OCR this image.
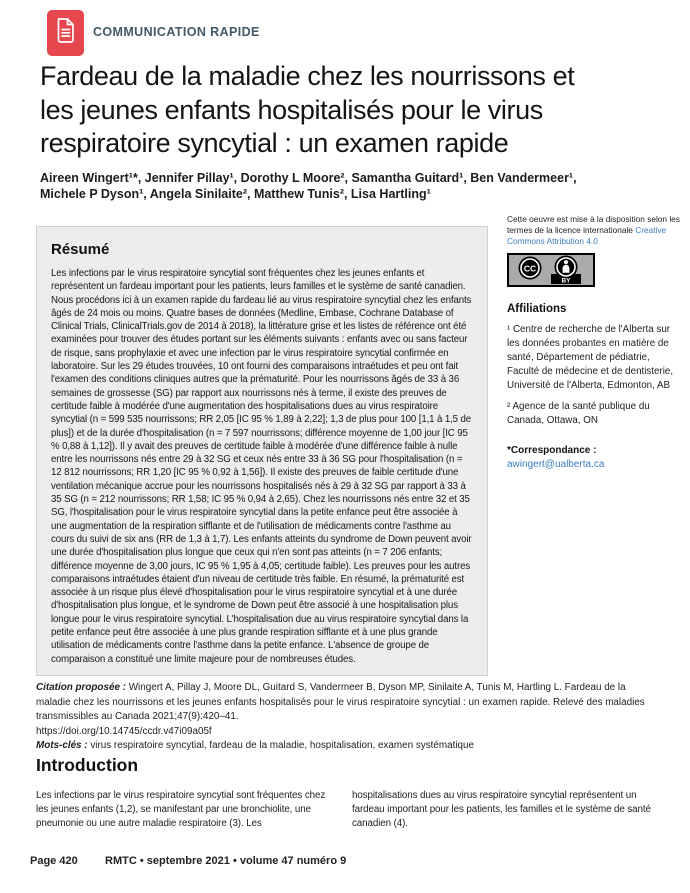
COMMUNICATION RAPIDE
Fardeau de la maladie chez les nourrissons et
les jeunes enfants hospitalisés pour le virus
respiratoire syncytial : un examen rapide
Aireen Wingert¹*, Jennifer Pillay¹, Dorothy L Moore², Samantha Guitard¹, Ben Vandermeer¹,
Michele P Dyson¹, Angela Sinilaite², Matthew Tunis², Lisa Hartling¹
Résumé
Les infections par le virus respiratoire syncytial sont fréquentes chez les jeunes enfants et représentent un fardeau important pour les patients, leurs familles et le système de santé canadien. Nous procédons ici à un examen rapide du fardeau lié au virus respiratoire syncytial chez les enfants âgés de 24 mois ou moins. Quatre bases de données (Medline, Embase, Cochrane Database of Clinical Trials, ClinicalTrials.gov de 2014 à 2018), la littérature grise et les listes de référence ont été examinées pour trouver des études portant sur les éléments suivants : enfants avec ou sans facteur de risque, sans prophylaxie et avec une infection par le virus respiratoire syncytial confirmée en laboratoire. Sur les 29 études trouvées, 10 ont fourni des comparaisons intraétudes et peu ont fait l'examen des conditions cliniques autres que la prématurité. Pour les nourrissons âgés de 33 à 36 semaines de grossesse (SG) par rapport aux nourrissons nés à terme, il existe des preuves de certitude faible à modérée d'une augmentation des hospitalisations dues au virus respiratoire syncytial (n = 599 535 nourrissons; RR 2,05 [IC 95 % 1,89 à 2,22]; 1,3 de plus pour 100 [1,1 à 1,5 de plus]) et de la durée d'hospitalisation (n = 7 597 nourrissons; différence moyenne de 1,00 jour [IC 95 % 0,88 à 1,12]). Il y avait des preuves de certitude faible à modérée d'une différence faible à nulle entre les nourrissons nés entre 29 à 32 SG et ceux nés entre 33 à 36 SG pour l'hospitalisation (n = 12 812 nourrissons; RR 1,20 [IC 95 % 0,92 à 1,56]). Il existe des preuves de faible certitude d'une ventilation mécanique accrue pour les nourrissons hospitalisés nés à 29 à 32 SG par rapport à 33 à 35 SG (n = 212 nourrissons; RR 1,58; IC 95 % 0,94 à 2,65). Chez les nourrissons nés entre 32 et 35 SG, l'hospitalisation pour le virus respiratoire syncytial dans la petite enfance peut être associée à une augmentation de la respiration sifflante et de l'utilisation de médicaments contre l'asthme au cours du suivi de six ans (RR de 1,3 à 1,7). Les enfants atteints du syndrome de Down peuvent avoir une durée d'hospitalisation plus longue que ceux qui n'en sont pas atteints (n = 7 206 enfants; différence moyenne de 3,00 jours, IC 95 % 1,95 à 4,05; certitude faible). Les preuves pour les autres comparaisons intraétudes étaient d'un niveau de certitude très faible. En résumé, la prématurité est associée à un risque plus élevé d'hospitalisation pour le virus respiratoire syncytial et à une durée d'hospitalisation plus longue, et le syndrome de Down peut être associé à une hospitalisation plus longue pour le virus respiratoire syncytial. L'hospitalisation due au virus respiratoire syncytial dans la petite enfance peut être associée à une plus grande respiration sifflante et à une plus grande utilisation de médicaments contre l'asthme dans la petite enfance. L'absence de groupe de comparaison a constitué une limite majeure pour de nombreuses études.
Cette oeuvre est mise à la disposition selon les termes de la licence internationale Creative Commons Attribution 4.0
CC
BY
Affiliations
¹ Centre de recherche de l'Alberta sur les données probantes en matière de santé, Département de pédiatrie, Faculté de médecine et de dentisterie, Université de l'Alberta, Edmonton, AB
² Agence de la santé publique du Canada, Ottawa, ON
*Correspondance :
awingert@ualberta.ca
Citation proposée : Wingert A, Pillay J, Moore DL, Guitard S, Vandermeer B, Dyson MP, Sinilaite A, Tunis M, Hartling L. Fardeau de la maladie chez les nourrissons et les jeunes enfants hospitalisés pour le virus respiratoire syncytial : un examen rapide. Relevé des maladies transmissibles au Canada 2021;47(9):420–41.
https://doi.org/10.14745/ccdr.v47i09a05f
Mots-clés : virus respiratoire syncytial, fardeau de la maladie, hospitalisation, examen systématique
Introduction
Les infections par le virus respiratoire syncytial sont fréquentes chez les jeunes enfants (1,2), se manifestant par une bronchiolite, une pneumonie ou une autre maladie respiratoire (3). Les
hospitalisations dues au virus respiratoire syncytial représentent un fardeau important pour les patients, les familles et le système de santé canadien (4).
Page 420 RMTC • septembre 2021 • volume 47 numéro 9
